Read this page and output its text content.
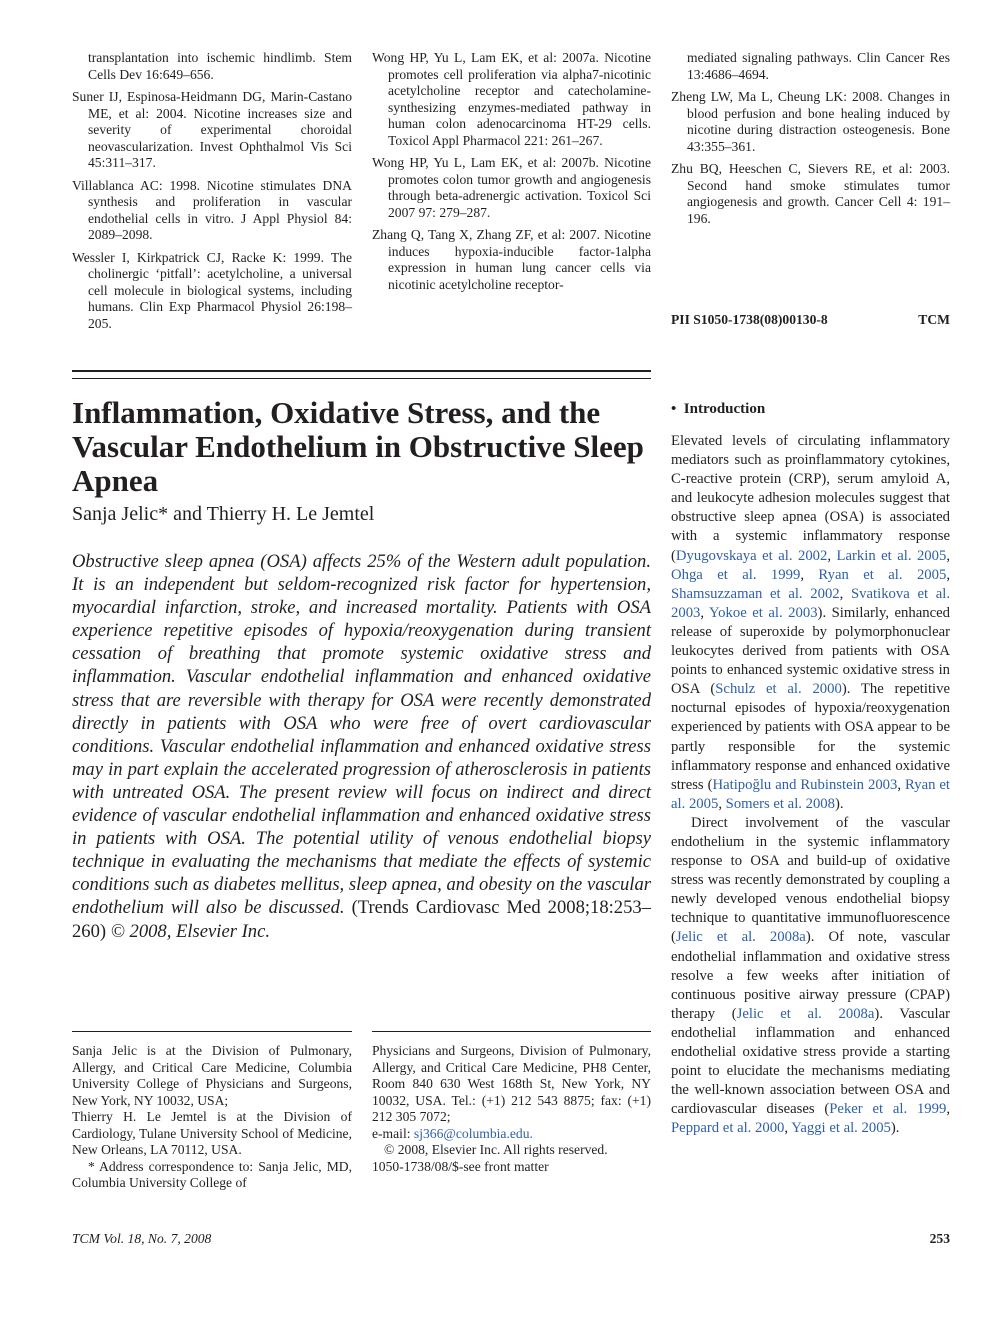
transplantation into ischemic hindlimb. Stem Cells Dev 16:649–656.

Suner IJ, Espinosa-Heidmann DG, Marin-Castano ME, et al: 2004. Nicotine increases size and severity of experimental choroidal neovascularization. Invest Ophthalmol Vis Sci 45:311–317.

Villablanca AC: 1998. Nicotine stimulates DNA synthesis and proliferation in vascular endothelial cells in vitro. J Appl Physiol 84: 2089–2098.

Wessler I, Kirkpatrick CJ, Racke K: 1999. The cholinergic ‘pitfall’: acetylcholine, a universal cell molecule in biological systems, including humans. Clin Exp Pharmacol Physiol 26:198–205.

Wong HP, Yu L, Lam EK, et al: 2007a. Nicotine promotes cell proliferation via alpha7-nicotinic acetylcholine receptor and catecholamine-synthesizing enzymes-mediated pathway in human colon adenocarcinoma HT-29 cells. Toxicol Appl Pharmacol 221: 261–267.

Wong HP, Yu L, Lam EK, et al: 2007b. Nicotine promotes colon tumor growth and angiogenesis through beta-adrenergic activation. Toxicol Sci 2007 97: 279–287.

Zhang Q, Tang X, Zhang ZF, et al: 2007. Nicotine induces hypoxia-inducible factor-1alpha expression in human lung cancer cells via nicotinic acetylcholine receptor-

mediated signaling pathways. Clin Cancer Res 13:4686–4694.

Zheng LW, Ma L, Cheung LK: 2008. Changes in blood perfusion and bone healing induced by nicotine during distraction osteogenesis. Bone 43:355–361.

Zhu BQ, Heeschen C, Sievers RE, et al: 2003. Second hand smoke stimulates tumor angiogenesis and growth. Cancer Cell 4: 191–196.

PII S1050-1738(08)00130-8	TCM
Inflammation, Oxidative Stress, and the Vascular Endothelium in Obstructive Sleep Apnea

Sanja Jelic* and Thierry H. Le Jemtel

Obstructive sleep apnea (OSA) affects 25% of the Western adult population. It is an independent but seldom-recognized risk factor for hypertension, myocardial infarction, stroke, and increased mortality. Patients with OSA experience repetitive episodes of hypoxia/reoxygenation during transient cessation of breathing that promote systemic oxidative stress and inflammation. Vascular endothelial inflammation and enhanced oxidative stress that are reversible with therapy for OSA were recently demonstrated directly in patients with OSA who were free of overt cardiovascular conditions. Vascular endothelial inflammation and enhanced oxidative stress may in part explain the accelerated progression of atherosclerosis in patients with untreated OSA. The present review will focus on indirect and direct evidence of vascular endothelial inflammation and enhanced oxidative stress in patients with OSA. The potential utility of venous endothelial biopsy technique in evaluating the mechanisms that mediate the effects of systemic conditions such as diabetes mellitus, sleep apnea, and obesity on the vascular endothelium will also be discussed. (Trends Cardiovasc Med 2008;18:253–260) © 2008, Elsevier Inc.

Sanja Jelic is at the Division of Pulmonary, Allergy, and Critical Care Medicine, Columbia University College of Physicians and Surgeons, New York, NY 10032, USA;

Thierry H. Le Jemtel is at the Division of Cardiology, Tulane University School of Medicine, New Orleans, LA 70112, USA.

* Address correspondence to: Sanja Jelic, MD, Columbia University College of

Physicians and Surgeons, Division of Pulmonary, Allergy, and Critical Care Medicine, PH8 Center, Room 840 630 West 168th St, New York, NY 10032, USA. Tel.: (+1) 212 543 8875; fax: (+1) 212 305 7072;

e-mail: sj366@columbia.edu.

© 2008, Elsevier Inc. All rights reserved.

1050-1738/08/$-see front matter

• Introduction

Elevated levels of circulating inflammatory mediators such as proinflammatory cytokines, C-reactive protein (CRP), serum amyloid A, and leukocyte adhesion molecules suggest that obstructive sleep apnea (OSA) is associated with a systemic inflammatory response (Dyugovskaya et al. 2002, Larkin et al. 2005, Ohga et al. 1999, Ryan et al. 2005, Shamsuzzaman et al. 2002, Svatikova et al. 2003, Yokoe et al. 2003). Similarly, enhanced release of superoxide by polymorphonuclear leukocytes derived from patients with OSA points to enhanced systemic oxidative stress in OSA (Schulz et al. 2000). The repetitive nocturnal episodes of hypoxia/reoxygenation experienced by patients with OSA appear to be partly responsible for the systemic inflammatory response and enhanced oxidative stress (Hatipoğlu and Rubinstein 2003, Ryan et al. 2005, Somers et al. 2008).

Direct involvement of the vascular endothelium in the systemic inflammatory response to OSA and build-up of oxidative stress was recently demonstrated by coupling a newly developed venous endothelial biopsy technique to quantitative immunofluorescence (Jelic et al. 2008a). Of note, vascular endothelial inflammation and oxidative stress resolve a few weeks after initiation of continuous positive airway pressure (CPAP) therapy (Jelic et al. 2008a). Vascular endothelial inflammation and enhanced endothelial oxidative stress provide a starting point to elucidate the mechanisms mediating the well-known association between OSA and cardiovascular diseases (Peker et al. 1999, Peppard et al. 2000, Yaggi et al. 2005).

TCM Vol. 18, No. 7, 2008	253
